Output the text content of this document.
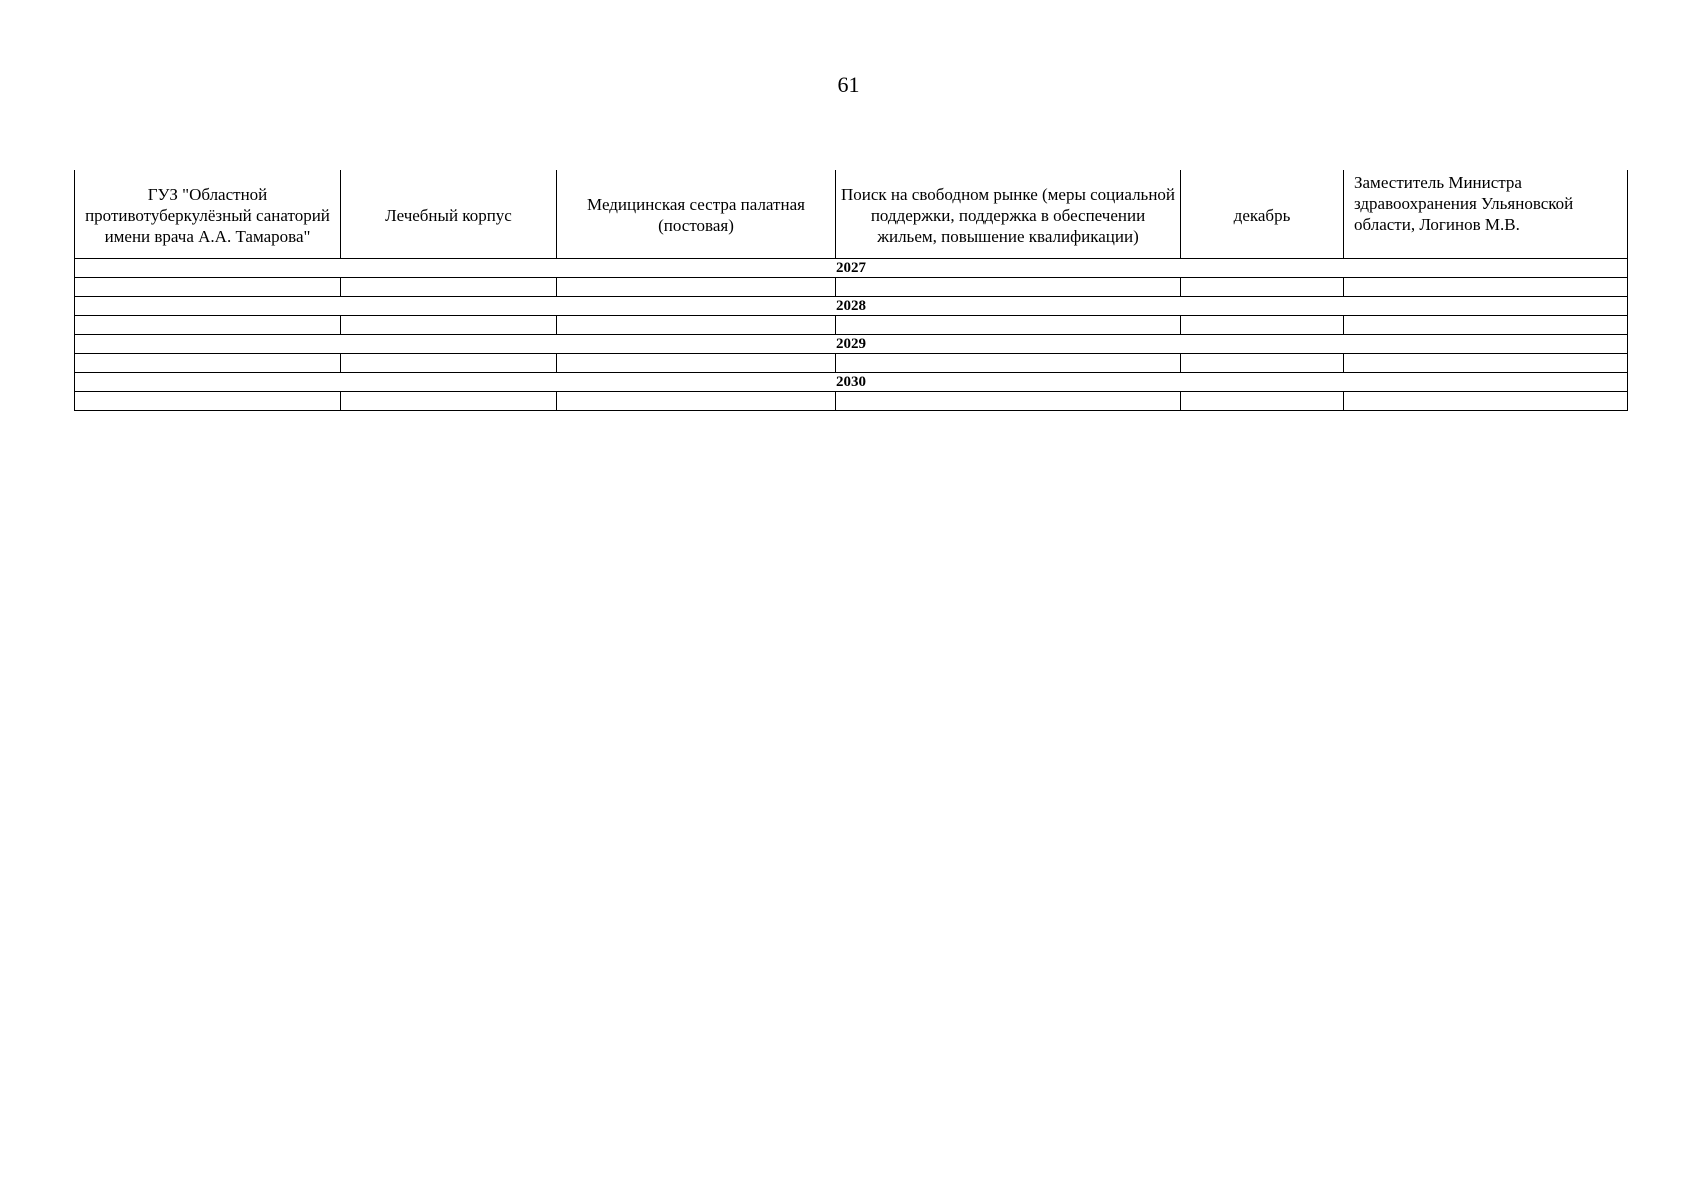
61
ГУЗ "Областной противотуберкулёзный санаторий имени врача А.А. Тамарова"	Лечебный корпус	Медицинская сестра палатная (постовая)	Поиск на свободном рынке (меры социальной поддержки, поддержка в обеспечении жильем, повышение квалификации)	декабрь	Заместитель Министра здравоохранения Ульяновской области, Логинов М.В.
2027					

2028					

2029					

2030					
